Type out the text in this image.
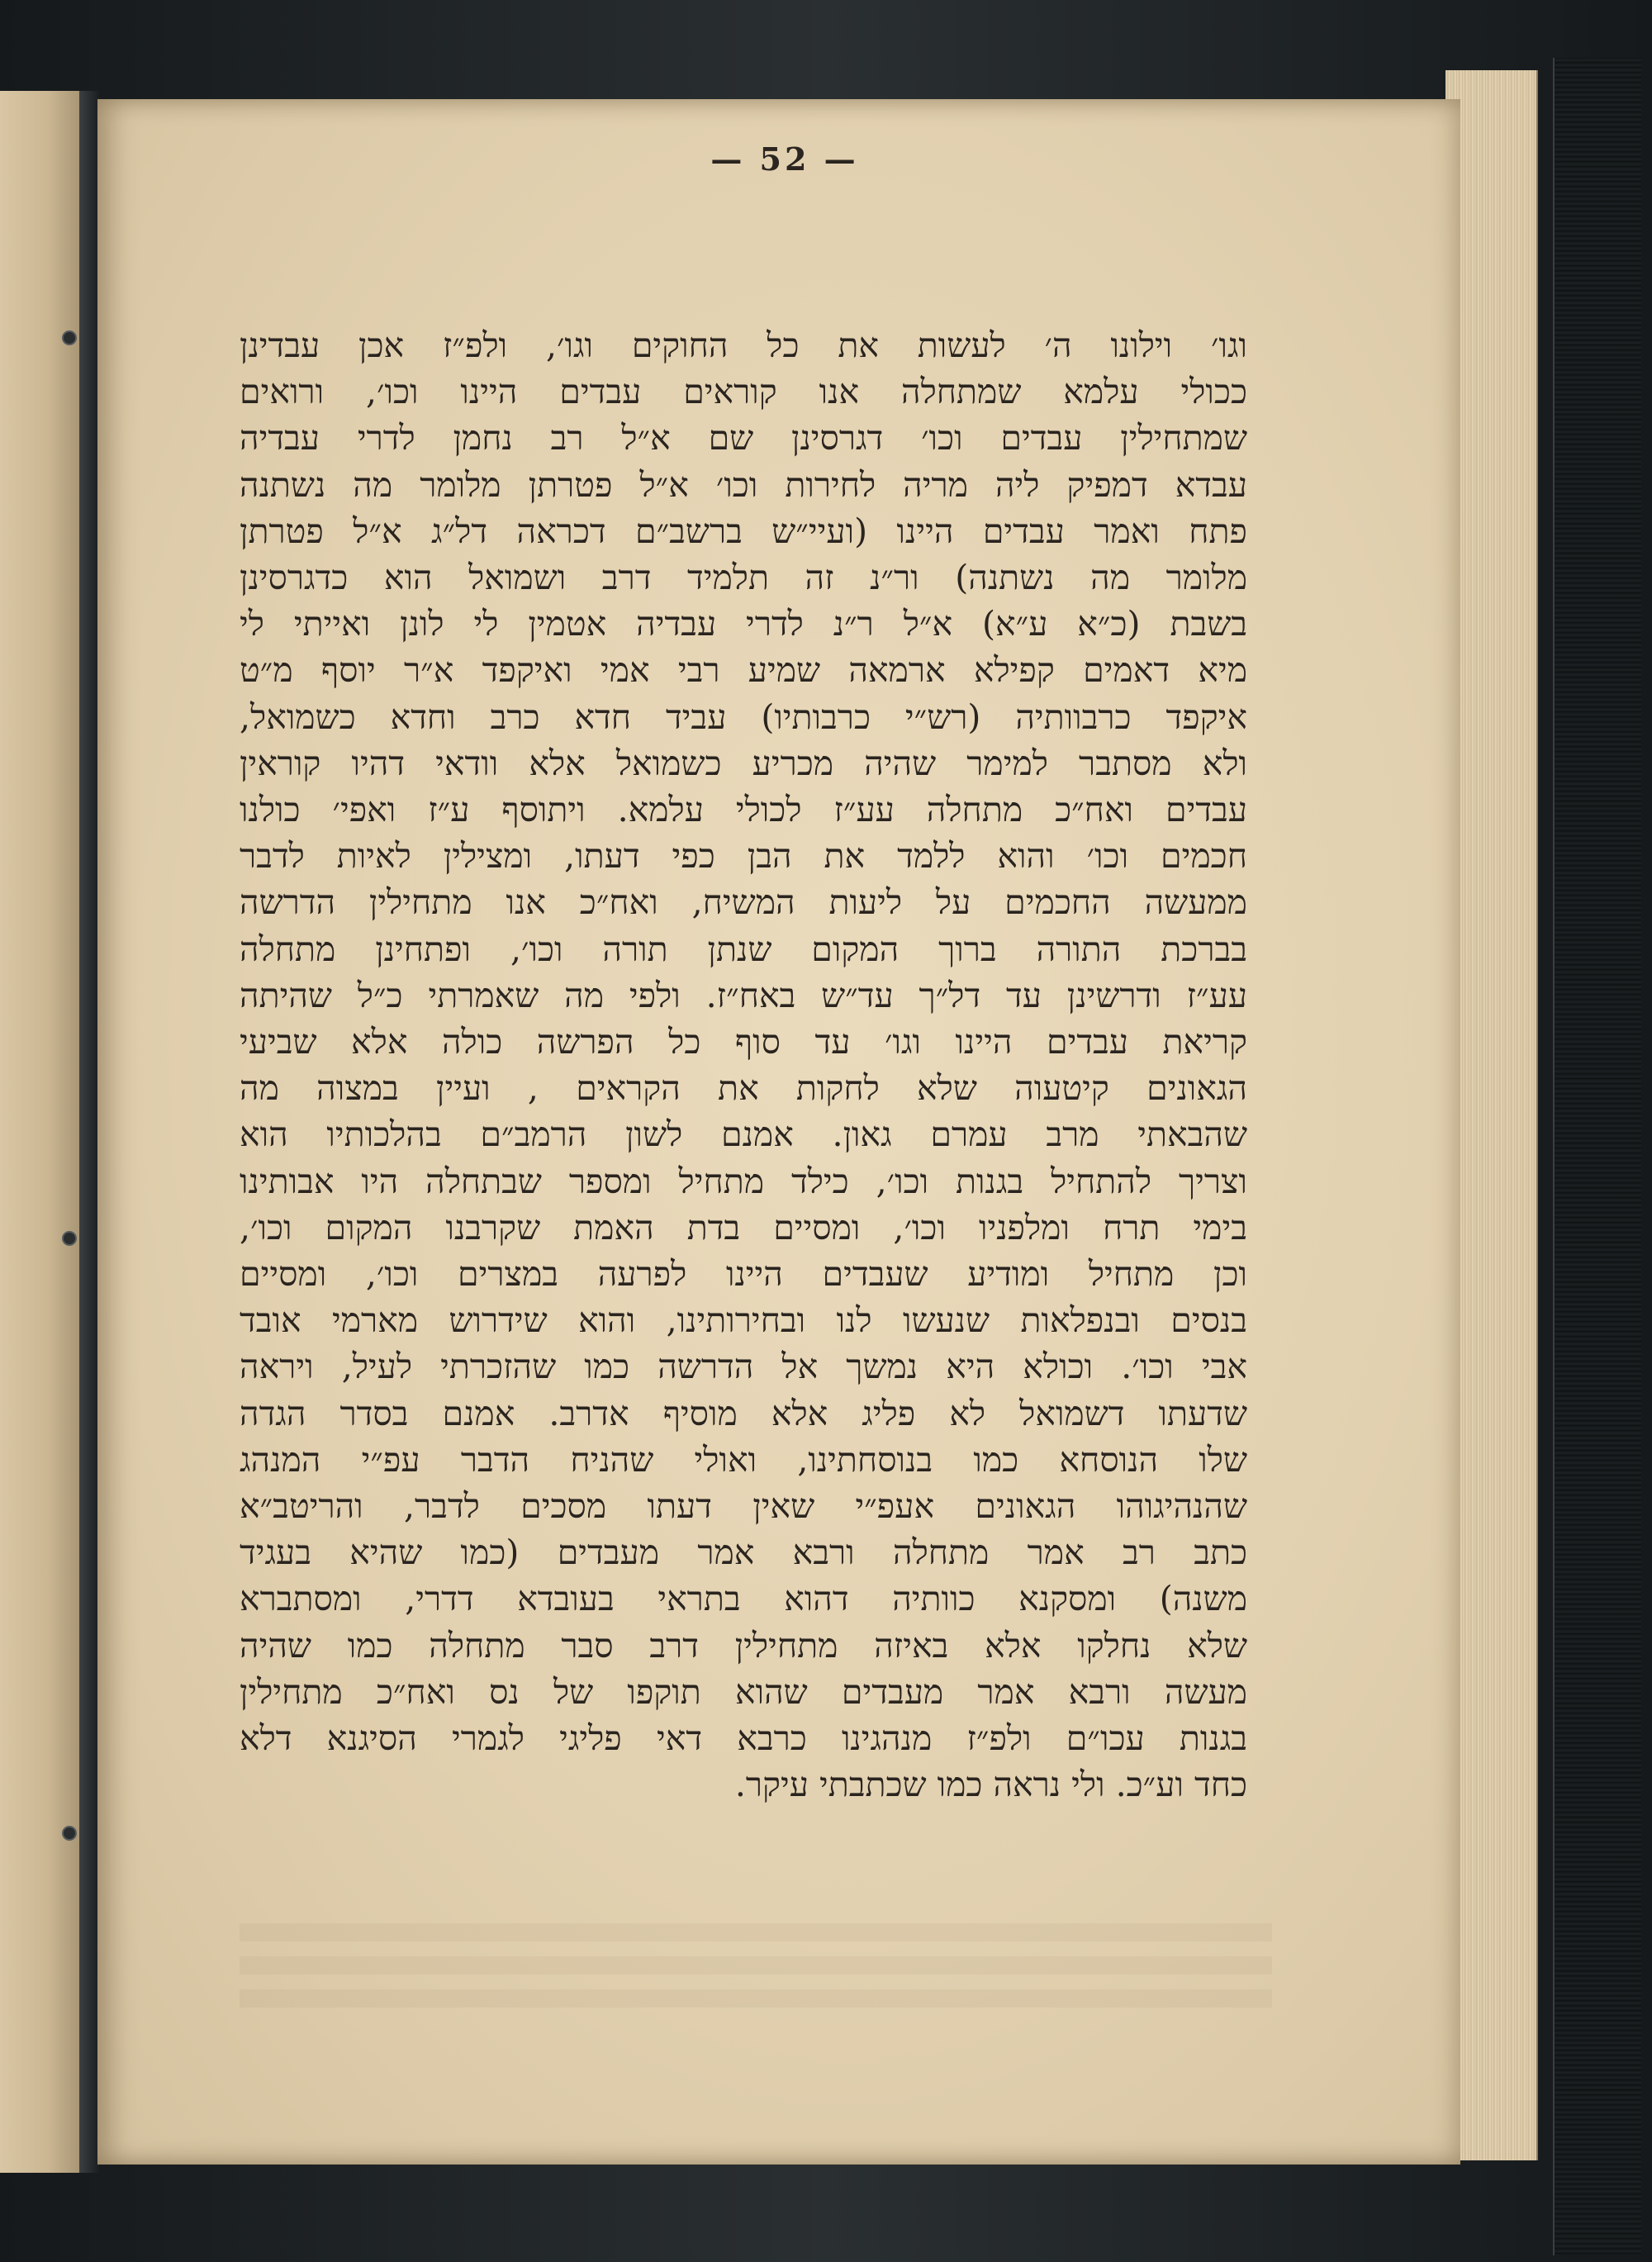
— 52 —
וגו׳ וילונו ה׳ לעשות את כל החוקים וגו׳, ולפ״ז אכן עבדינן
ככולי עלמא שמתחלה אנו קוראים עבדים היינו וכו׳, ורואים
שמתחילין עבדים וכו׳ דגרסינן שם א״ל רב נחמן לדרי עבדיה
עבדא דמפיק ליה מריה לחירות וכו׳ א״ל פטרתן מלומר מה נשתנה
פתח ואמר עבדים היינו (ועיי״ש ברשב״ם דכראה דל״ג א״ל פטרתן
מלומר מה נשתנה) ור״נ זה תלמיד דרב ושמואל הוא כדגרסינן
בשבת (כ״א ע״א) א״ל ר״נ לדרי עבדיה אטמין לי לונן ואייתי לי
מיא דאמים קפילא ארמאה שמיע רבי אמי ואיקפד א״ר יוסף מ״ט
איקפד כרבוותיה (רש״י כרבותיו) עביד חדא כרב וחדא כשמואל,
ולא מסתבר למימר שהיה מכריע כשמואל אלא וודאי דהיו קוראין
עבדים ואח״כ מתחלה עע״ז לכולי עלמא. ויתוסף ע״ז ואפי׳ כולנו
חכמים וכו׳ והוא ללמד את הבן כפי דעתו, ומצילין לאיות לדבר
ממעשה החכמים על ליעות המשיח, ואח״כ אנו מתחילין הדרשה
בברכת התורה ברוך המקום שנתן תורה וכו׳, ופתחינן מתחלה
עע״ז ודרשינן עד דל״ך עד״ש באח״ז. ולפי מה שאמרתי כ״ל שהיתה
קריאת עבדים היינו וגו׳ עד סוף כל הפרשה כולה אלא שביעי
הגאונים קיטעוה שלא לחקות את הקראים , ועיין במצוה מה
שהבאתי מרב עמרם גאון. אמנם לשון הרמב״ם בהלכותיו הוא
וצריך להתחיל בגנות וכו׳, כילד מתחיל ומספר שבתחלה היו אבותינו
בימי תרח ומלפניו וכו׳, ומסיים בדת האמת שקרבנו המקום וכו׳,
וכן מתחיל ומודיע שעבדים היינו לפרעה במצרים וכו׳, ומסיים
בנסים ובנפלאות שנעשו לנו ובחירותינו, והוא שידרוש מארמי אובד
אבי וכו׳. וכולא היא נמשך אל הדרשה כמו שהזכרתי לעיל, ויראה
שדעתו דשמואל לא פליג אלא מוסיף אדרב. אמנם בסדר הגדה
שלו הנוסחא כמו בנוסחתינו, ואולי שהניח הדבר עפ״י המנהג
שהנהיגוהו הגאונים אעפ״י שאין דעתו מסכים לדבר, והריטב״א
כתב רב אמר מתחלה ורבא אמר מעבדים (כמו שהיא בעגיד
משנה) ומסקנא כוותיה דהוא בתראי בעובדא דדרי, ומסתברא
שלא נחלקו אלא באיזה מתחילין דרב סבר מתחלה כמו שהיה
מעשה ורבא אמר מעבדים שהוא תוקפו של נס ואח״כ מתחילין
בגנות עכו״ם ולפ״ז מנהגינו כרבא דאי פליגי לגמרי הסיגנא דלא
כחד וע״כ. ולי נראה כמו שכתבתי עיקר.
